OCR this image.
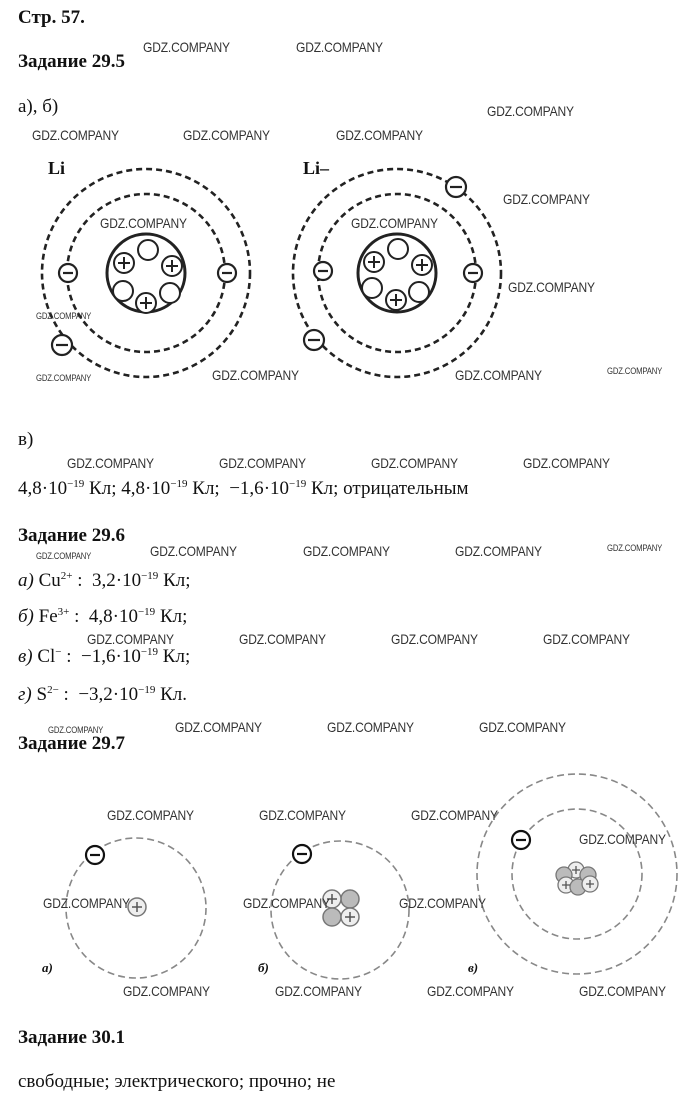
Стр. 57.
Задание 29.5
а), б)
Li	Li–
в)
$4,8\cdot 10^{-19}$ Кл; $4,8\cdot 10^{-19}$ Кл; $-1,6\cdot 10^{-19}$ Кл; отрицательным
Задание 29.6
а) $Cu^{2+}$ :  $3,2\cdot 10^{-19}$ Кл;
б) $Fe^{3+}$ :  $4,8\cdot 10^{-19}$ Кл;
в) Cl− :  $-1,6\cdot 10^{-19}$ Кл;
г) $S^{2-}$ :  $-3,2\cdot 10^{-19}$ Кл.
Задание 29.7
Задание 30.1
свободные; электрического; прочно; не
а)	б)	в)
GDZ.COMPANY	GDZ.COMPANY
GDZ.COMPANY
GDZ.COMPANY	GDZ.COMPANY	GDZ.COMPANY
GDZ.COMPANY
GDZ.COMPANY	GDZ.COMPANY
GDZ.COMPANY
GDZ.COMPANY
GDZ.COMPANY	GDZ.COMPANY
GDZ.COMPANY
GDZ.COMPANY
GDZ.COMPANY	GDZ.COMPANY	GDZ.COMPANY	GDZ.COMPANY
GDZ.COMPANY	GDZ.COMPANY	GDZ.COMPANY
GDZ.COMPANY
GDZ.COMPANY
GDZ.COMPANY	GDZ.COMPANY	GDZ.COMPANY	GDZ.COMPANY
GDZ.COMPANY	GDZ.COMPANY	GDZ.COMPANY
GDZ.COMPANY
GDZ.COMPANY	GDZ.COMPANY	GDZ.COMPANY
GDZ.COMPANY
GDZ.COMPANY	GDZ.COMPANY	GDZ.COMPANY
GDZ.COMPANY	GDZ.COMPANY	GDZ.COMPANY	GDZ.COMPANY
